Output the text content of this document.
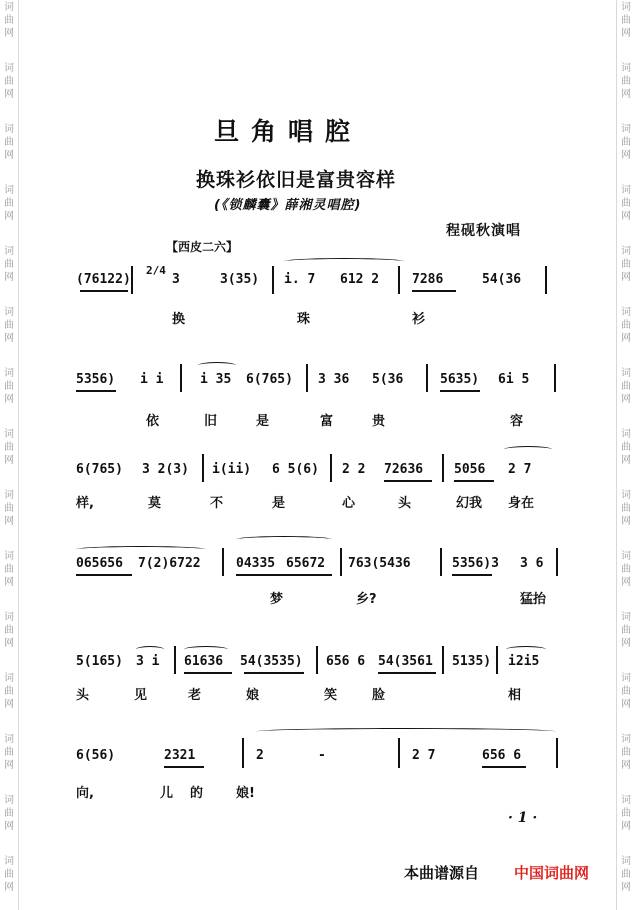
词
曲
网
词
曲
网
词
曲
网
词
曲
网
词
曲
网
词
曲
网
词
曲
网
词
曲
网
词
曲
网
词
曲
网
词
曲
网
词
曲
网
词
曲
网
词
曲
网
词
曲
网
词
曲
网
词
曲
网
词
曲
网
词
曲
网
词
曲
网
词
曲
网
词
曲
网
词
曲
网
词
曲
网
词
曲
网
词
曲
网
词
曲
网
词
曲
网
词
曲
网
词
曲
网
旦角唱腔
换珠衫依旧是富贵容样
(《锁麟囊》薛湘灵唱腔)
程砚秋演唱
【西皮二六】
(76122)
2/4
3	3(35) i. 7 612 2	7286	54(36
换	珠	衫
5356) i i	i 35 6(765) 3 36 5(36	5635) 6i 5
依	旧	是	富	贵	容
6(765) 3 2(3) i(ii) 6 5(6) 2 2 72636 5056 2 7
样,	莫	不	是	心	头	幻我 身在
065656 7(2)6722	04335 65672 763(5436	5356)3 3 6
梦	乡?	猛抬
5(165) 3 i 61636 54(3535) 656 6 54(3561 5135) i2i5
头	见	老	娘	笑	脸	相
6(56)	2321	2	-	2 7	656 6
向,	儿 的	娘!
· 1 ·
本曲谱源自 中国词曲网
